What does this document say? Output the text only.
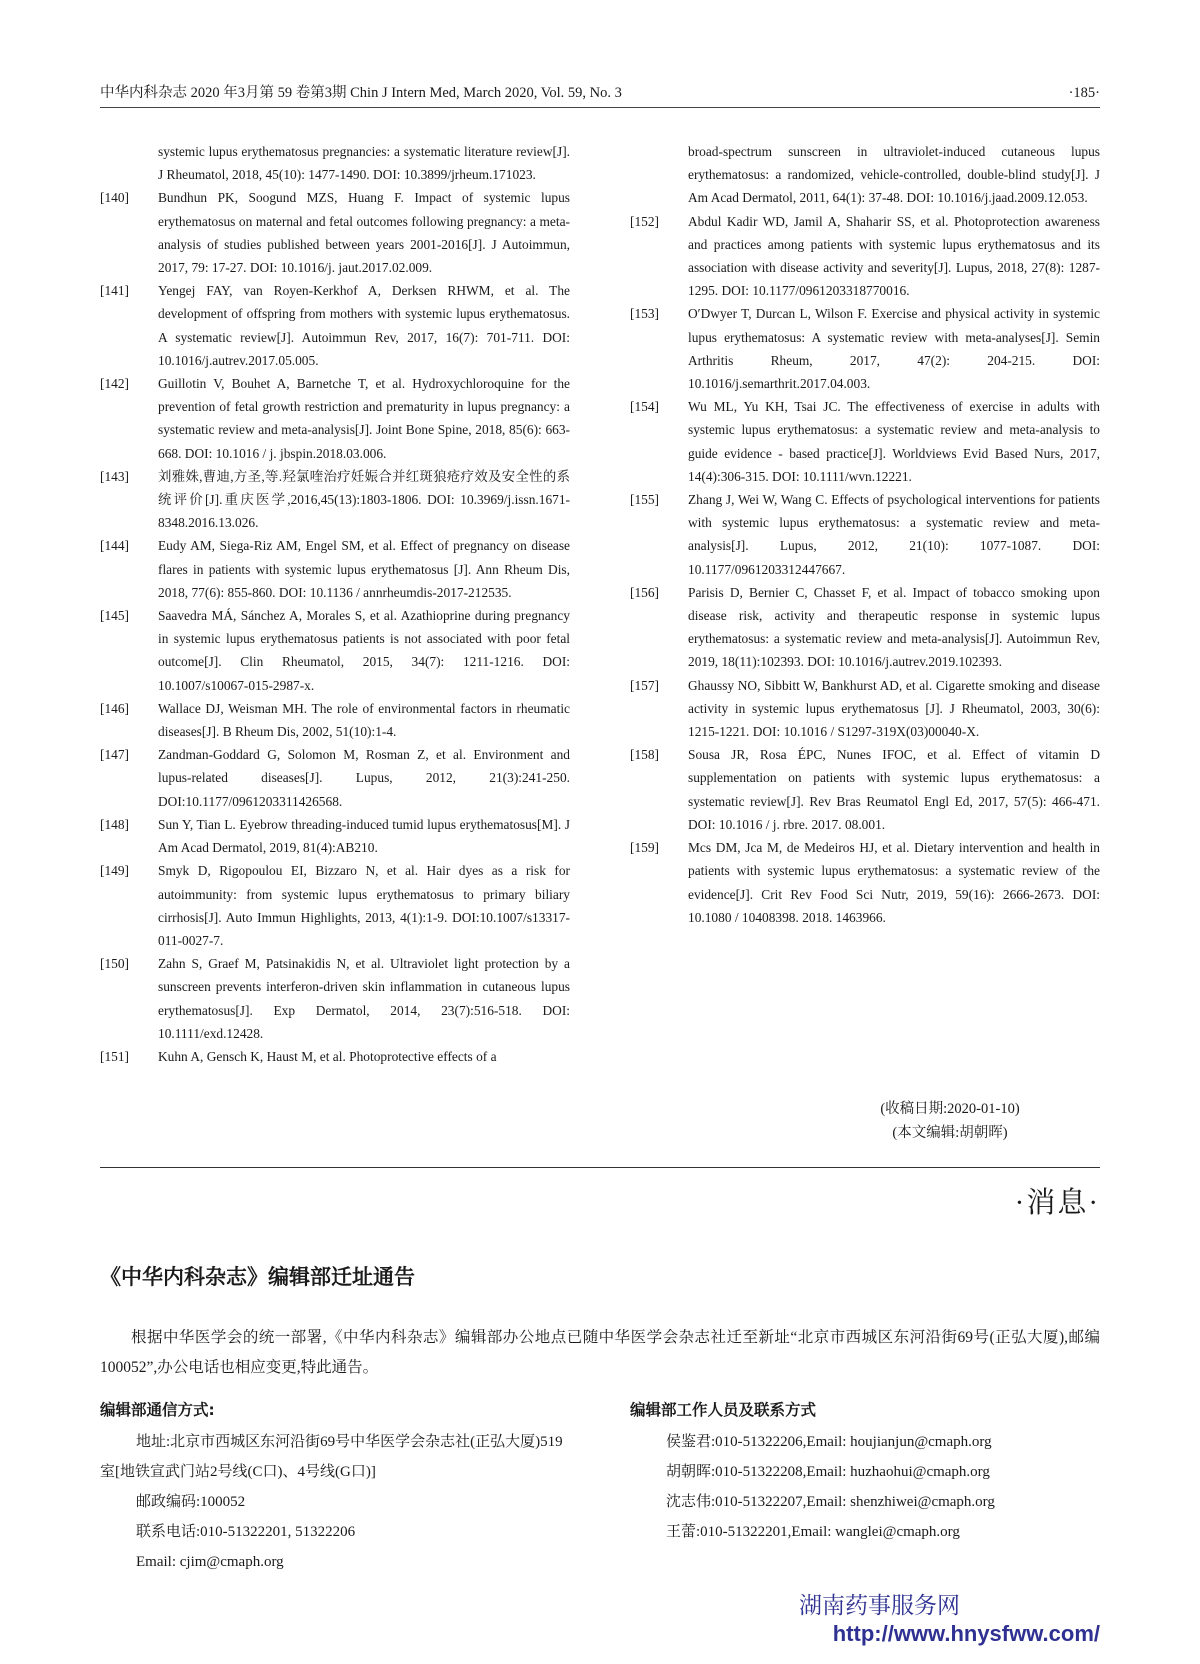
中华内科杂志 2020 年3月第 59 卷第3期 Chin J Intern Med, March 2020, Vol. 59, No. 3	·185·
systemic lupus erythematosus pregnancies: a systematic literature review[J]. J Rheumatol, 2018, 45(10): 1477-1490. DOI: 10.3899/jrheum.171023.
[140] Bundhun PK, Soogund MZS, Huang F. Impact of systemic lupus erythematosus on maternal and fetal outcomes following pregnancy: a meta-analysis of studies published between years 2001-2016[J]. J Autoimmun, 2017, 79: 17-27. DOI: 10.1016/j. jaut.2017.02.009.
[141] Yengej FAY, van Royen-Kerkhof A, Derksen RHWM, et al. The development of offspring from mothers with systemic lupus erythematosus. A systematic review[J]. Autoimmun Rev, 2017, 16(7): 701-711. DOI: 10.1016/j.autrev.2017.05.005.
[142] Guillotin V, Bouhet A, Barnetche T, et al. Hydroxychloroquine for the prevention of fetal growth restriction and prematurity in lupus pregnancy: a systematic review and meta-analysis[J]. Joint Bone Spine, 2018, 85(6): 663-668. DOI: 10.1016 / j. jbspin.2018.03.006.
[143] 刘雅姝,曹迪,方圣,等.羟氯喹治疗妊娠合并红斑狼疮疗效及安全性的系统评价[J].重庆医学,2016,45(13):1803-1806. DOI: 10.3969/j.issn.1671-8348.2016.13.026.
[144] Eudy AM, Siega-Riz AM, Engel SM, et al. Effect of pregnancy on disease flares in patients with systemic lupus erythematosus [J]. Ann Rheum Dis, 2018, 77(6): 855-860. DOI: 10.1136 / annrheumdis-2017-212535.
[145] Saavedra MÁ, Sánchez A, Morales S, et al. Azathioprine during pregnancy in systemic lupus erythematosus patients is not associated with poor fetal outcome[J]. Clin Rheumatol, 2015, 34(7): 1211-1216. DOI: 10.1007/s10067-015-2987-x.
[146] Wallace DJ, Weisman MH. The role of environmental factors in rheumatic diseases[J]. B Rheum Dis, 2002, 51(10):1-4.
[147] Zandman-Goddard G, Solomon M, Rosman Z, et al. Environment and lupus-related diseases[J]. Lupus, 2012, 21(3):241-250. DOI:10.1177/0961203311426568.
[148] Sun Y, Tian L. Eyebrow threading-induced tumid lupus erythematosus[M]. J Am Acad Dermatol, 2019, 81(4):AB210.
[149] Smyk D, Rigopoulou EI, Bizzaro N, et al. Hair dyes as a risk for autoimmunity: from systemic lupus erythematosus to primary biliary cirrhosis[J]. Auto Immun Highlights, 2013, 4(1):1-9. DOI:10.1007/s13317-011-0027-7.
[150] Zahn S, Graef M, Patsinakidis N, et al. Ultraviolet light protection by a sunscreen prevents interferon-driven skin inflammation in cutaneous lupus erythematosus[J]. Exp Dermatol, 2014, 23(7):516-518. DOI: 10.1111/exd.12428.
[151] Kuhn A, Gensch K, Haust M, et al. Photoprotective effects of a
broad-spectrum sunscreen in ultraviolet-induced cutaneous lupus erythematosus: a randomized, vehicle-controlled, double-blind study[J]. J Am Acad Dermatol, 2011, 64(1): 37-48. DOI: 10.1016/j.jaad.2009.12.053.
[152] Abdul Kadir WD, Jamil A, Shaharir SS, et al. Photoprotection awareness and practices among patients with systemic lupus erythematosus and its association with disease activity and severity[J]. Lupus, 2018, 27(8): 1287-1295. DOI: 10.1177/0961203318770016.
[153] O′Dwyer T, Durcan L, Wilson F. Exercise and physical activity in systemic lupus erythematosus: A systematic review with meta-analyses[J]. Semin Arthritis Rheum, 2017, 47(2): 204-215. DOI: 10.1016/j.semarthrit.2017.04.003.
[154] Wu ML, Yu KH, Tsai JC. The effectiveness of exercise in adults with systemic lupus erythematosus: a systematic review and meta-analysis to guide evidence - based practice[J]. Worldviews Evid Based Nurs, 2017, 14(4):306-315. DOI: 10.1111/wvn.12221.
[155] Zhang J, Wei W, Wang C. Effects of psychological interventions for patients with systemic lupus erythematosus: a systematic review and meta-analysis[J]. Lupus, 2012, 21(10): 1077-1087. DOI: 10.1177/0961203312447667.
[156] Parisis D, Bernier C, Chasset F, et al. Impact of tobacco smoking upon disease risk, activity and therapeutic response in systemic lupus erythematosus: a systematic review and meta-analysis[J]. Autoimmun Rev, 2019, 18(11):102393. DOI: 10.1016/j.autrev.2019.102393.
[157] Ghaussy NO, Sibbitt W, Bankhurst AD, et al. Cigarette smoking and disease activity in systemic lupus erythematosus [J]. J Rheumatol, 2003, 30(6): 1215-1221. DOI: 10.1016 / S1297-319X(03)00040-X.
[158] Sousa JR, Rosa ÉPC, Nunes IFOC, et al. Effect of vitamin D supplementation on patients with systemic lupus erythematosus: a systematic review[J]. Rev Bras Reumatol Engl Ed, 2017, 57(5): 466-471. DOI: 10.1016 / j. rbre. 2017. 08.001.
[159] Mcs DM, Jca M, de Medeiros HJ, et al. Dietary intervention and health in patients with systemic lupus erythematosus: a systematic review of the evidence[J]. Crit Rev Food Sci Nutr, 2019, 59(16): 2666-2673. DOI: 10.1080 / 10408398. 2018. 1463966.
(收稿日期:2020-01-10)
(本文编辑:胡朝晖)
·消息·
《中华内科杂志》编辑部迁址通告
根据中华医学会的统一部署,《中华内科杂志》编辑部办公地点已随中华医学会杂志社迁至新址“北京市西城区东河沿街69号(正弘大厦),邮编 100052”,办公电话也相应变更,特此通告。
编辑部通信方式:
地址:北京市西城区东河沿街69号中华医学会杂志社(正弘大厦)519室[地铁宣武门站2号线(C口)、4号线(G口)]
邮政编码:100052
联系电话:010-51322201, 51322206
Email: cjim@cmaph.org
编辑部工作人员及联系方式
侯鉴君:010-51322206,Email: houjianjun@cmaph.org
胡朝晖:010-51322208,Email: huzhaohui@cmaph.org
沈志伟:010-51322207,Email: shenzhiwei@cmaph.org
王蕾:010-51322201,Email: wanglei@cmaph.org
湖南药事服务网
http://www.hnysfww.com/
